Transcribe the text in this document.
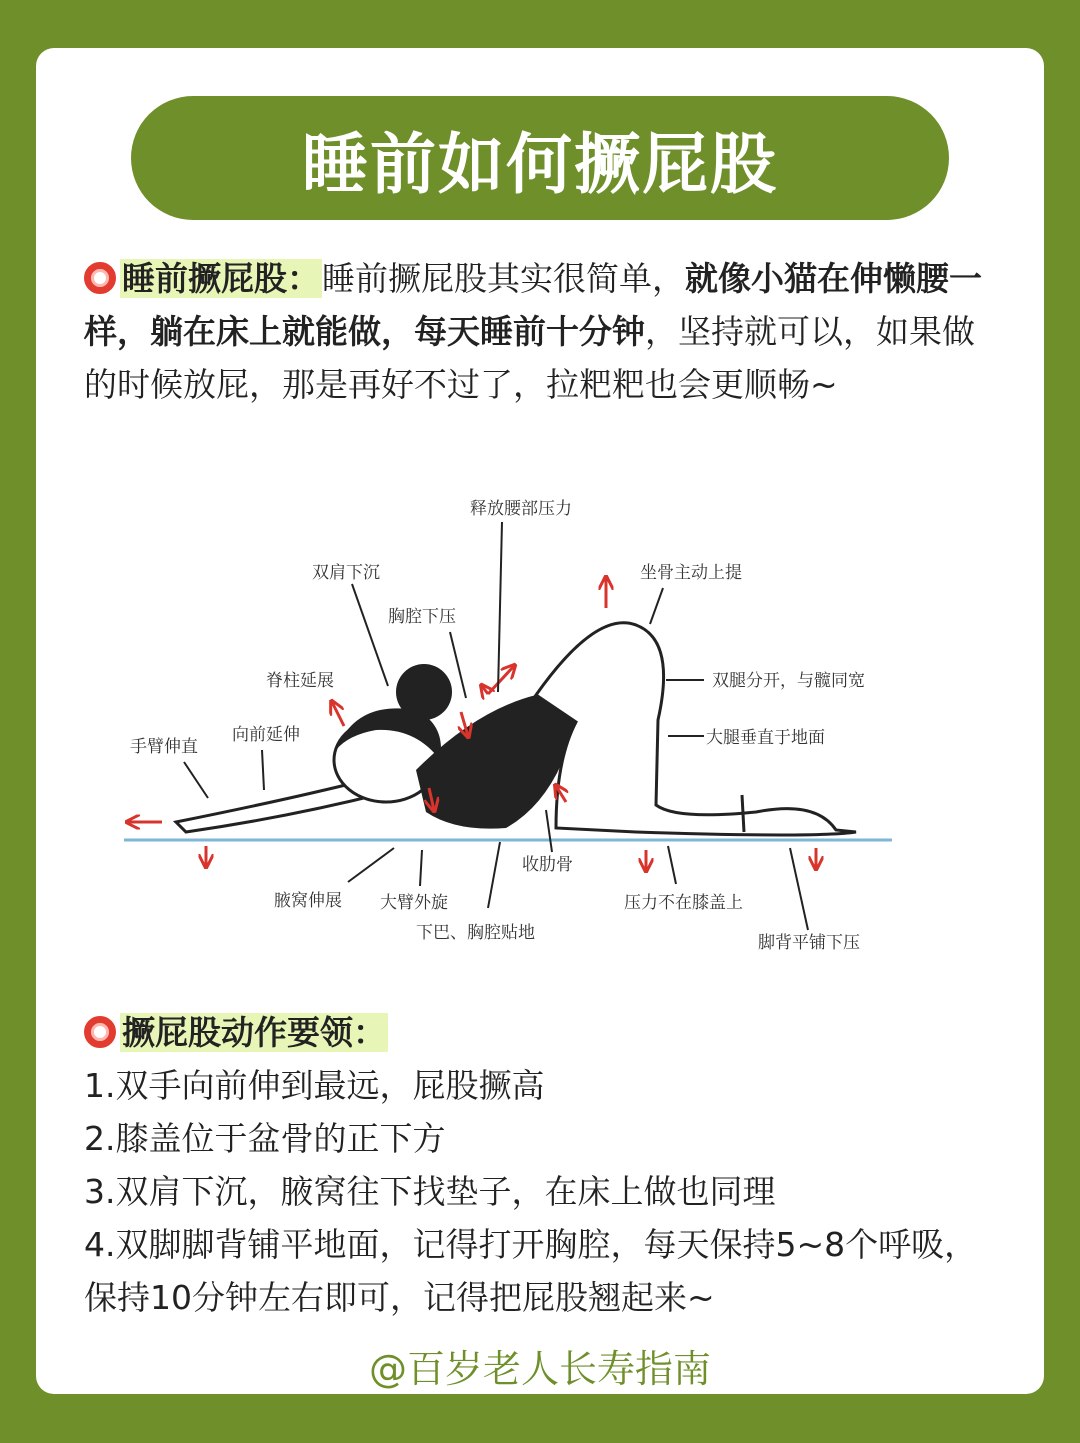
睡前如何撅屁股
睡前撅屁股：睡前撅屁股其实很简单，就像小猫在伸懒腰一样，躺在床上就能做，每天睡前十分钟，坚持就可以，如果做的时候放屁，那是再好不过了，拉粑粑也会更顺畅~
释放腰部压力
双肩下沉	坐骨主动上提
胸腔下压
脊柱延展	双腿分开，与髋同宽
向前延伸
手臂伸直	大腿垂直于地面
收肋骨
腋窝伸展 大臂外旋	压力不在膝盖上
下巴、胸腔贴地	脚背平铺下压
撅屁股动作要领：
1.双手向前伸到最远，屁股撅高
2.膝盖位于盆骨的正下方
3.双肩下沉，腋窝往下找垫子，在床上做也同理
4.双脚脚背铺平地面，记得打开胸腔，每天保持5~8个呼吸，保持10分钟左右即可，记得把屁股翘起来~
@百岁老人长寿指南
